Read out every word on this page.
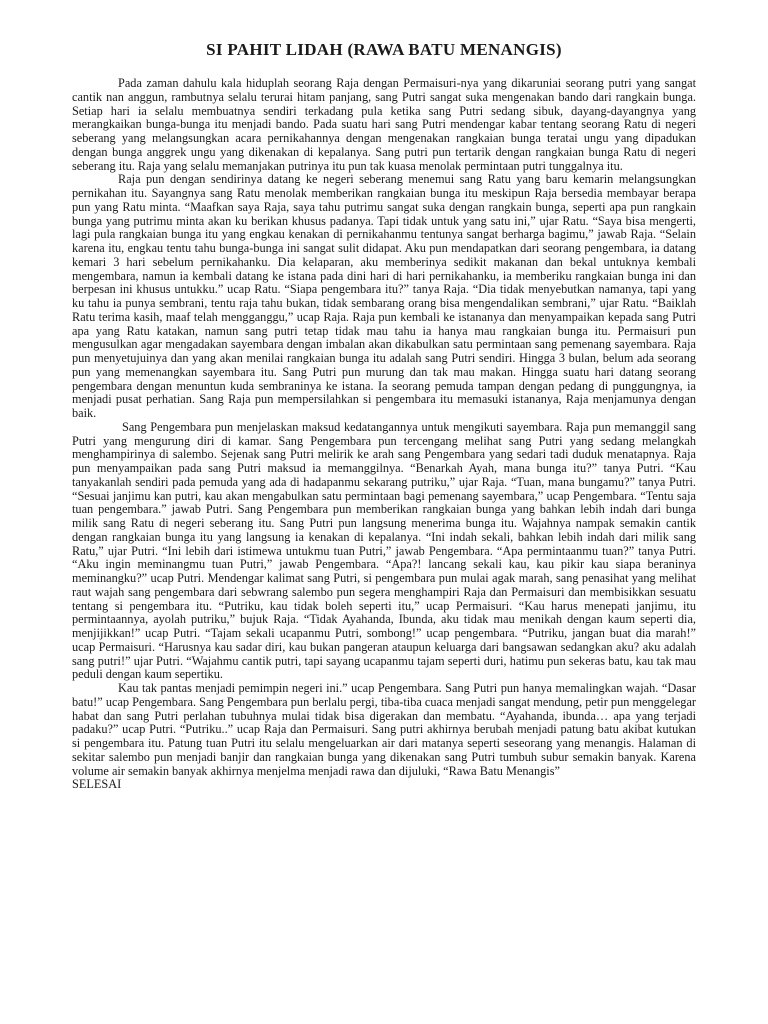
SI PAHIT LIDAH (RAWA BATU MENANGIS)

Pada zaman dahulu kala hiduplah seorang Raja dengan Permaisuri-nya yang dikaruniai seorang putri yang sangat cantik nan anggun, rambutnya selalu terurai hitam panjang, sang Putri sangat suka mengenakan bando dari rangkain bunga. Setiap hari ia selalu membuatnya sendiri terkadang pula ketika sang Putri sedang sibuk, dayang-dayangnya yang merangkaikan bunga-bunga itu menjadi bando. Pada suatu hari sang Putri mendengar kabar tentang seorang Ratu di negeri seberang yang melangsungkan acara pernikahannya dengan mengenakan rangkaian bunga teratai ungu yang dipadukan dengan bunga anggrek ungu yang dikenakan di kepalanya. Sang putri pun tertarik dengan rangkaian bunga Ratu di negeri seberang itu. Raja yang selalu memanjakan putrinya itu pun tak kuasa menolak permintaan putri tunggalnya itu.

Raja pun dengan sendirinya datang ke negeri seberang menemui sang Ratu yang baru kemarin melangsungkan pernikahan itu. Sayangnya sang Ratu menolak memberikan rangkaian bunga itu meskipun Raja bersedia membayar berapa pun yang Ratu minta. “Maafkan saya Raja, saya tahu putrimu sangat suka dengan rangkain bunga, seperti apa pun rangkain bunga yang putrimu minta akan ku berikan khusus padanya. Tapi tidak untuk yang satu ini,” ujar Ratu. “Saya bisa mengerti, lagi pula rangkaian bunga itu yang engkau kenakan di pernikahanmu tentunya sangat berharga bagimu,” jawab Raja. “Selain karena itu, engkau tentu tahu bunga-bunga ini sangat sulit didapat. Aku pun mendapatkan dari seorang pengembara, ia datang kemari 3 hari sebelum pernikahanku. Dia kelaparan, aku memberinya sedikit makanan dan bekal untuknya kembali mengembara, namun ia kembali datang ke istana pada dini hari di hari pernikahanku, ia memberiku rangkaian bunga ini dan berpesan ini khusus untukku.” ucap Ratu. “Siapa pengembara itu?” tanya Raja. “Dia tidak menyebutkan namanya, tapi yang ku tahu ia punya sembrani, tentu raja tahu bukan, tidak sembarang orang bisa mengendalikan sembrani,” ujar Ratu. “Baiklah Ratu terima kasih, maaf telah mengganggu,” ucap Raja. Raja pun kembali ke istananya dan menyampaikan kepada sang Putri apa yang Ratu katakan, namun sang putri tetap tidak mau tahu ia hanya mau rangkaian bunga itu. Permaisuri pun mengusulkan agar mengadakan sayembara dengan imbalan akan dikabulkan satu permintaan sang pemenang sayembara. Raja pun menyetujuinya dan yang akan menilai rangkaian bunga itu adalah sang Putri sendiri. Hingga 3 bulan, belum ada seorang pun yang memenangkan sayembara itu. Sang Putri pun murung dan tak mau makan. Hingga suatu hari datang seorang pengembara dengan menuntun kuda sembraninya ke istana. Ia seorang pemuda tampan dengan pedang di punggungnya, ia menjadi pusat perhatian. Sang Raja pun mempersilahkan si pengembara itu memasuki istananya, Raja menjamunya dengan baik.

Sang Pengembara pun menjelaskan maksud kedatangannya untuk mengikuti sayembara. Raja pun memanggil sang Putri yang mengurung diri di kamar. Sang Pengembara pun tercengang melihat sang Putri yang sedang melangkah menghampirinya di salembo. Sejenak sang Putri melirik ke arah sang Pengembara yang sedari tadi duduk menatapnya. Raja pun menyampaikan pada sang Putri maksud ia memanggilnya. “Benarkah Ayah, mana bunga itu?” tanya Putri. “Kau tanyakanlah sendiri pada pemuda yang ada di hadapanmu sekarang putriku,” ujar Raja. “Tuan, mana bungamu?” tanya Putri. “Sesuai janjimu kan putri, kau akan mengabulkan satu permintaan bagi pemenang sayembara,” ucap Pengembara. “Tentu saja tuan pengembara.” jawab Putri. Sang Pengembara pun memberikan rangkaian bunga yang bahkan lebih indah dari bunga milik sang Ratu di negeri seberang itu. Sang Putri pun langsung menerima bunga itu. Wajahnya nampak semakin cantik dengan rangkaian bunga itu yang langsung ia kenakan di kepalanya. “Ini indah sekali, bahkan lebih indah dari milik sang Ratu,” ujar Putri. “Ini lebih dari istimewa untukmu tuan Putri,” jawab Pengembara. “Apa permintaanmu tuan?” tanya Putri. “Aku ingin meminangmu tuan Putri,” jawab Pengembara. “Apa?! lancang sekali kau, kau pikir kau siapa beraninya meminangku?” ucap Putri. Mendengar kalimat sang Putri, si pengembara pun mulai agak marah, sang penasihat yang melihat raut wajah sang pengembara dari sebwrang salembo pun segera menghampiri Raja dan Permaisuri dan membisikkan sesuatu tentang si pengembara itu. “Putriku, kau tidak boleh seperti itu,” ucap Permaisuri. “Kau harus menepati janjimu, itu permintaannya, ayolah putriku,” bujuk Raja. “Tidak Ayahanda, Ibunda, aku tidak mau menikah dengan kaum seperti dia, menjijikkan!” ucap Putri. “Tajam sekali ucapanmu Putri, sombong!” ucap pengembara. “Putriku, jangan buat dia marah!” ucap Permaisuri. “Harusnya kau sadar diri, kau bukan pangeran ataupun keluarga dari bangsawan sedangkan aku? aku adalah sang putri!” ujar Putri. “Wajahmu cantik putri, tapi sayang ucapanmu tajam seperti duri, hatimu pun sekeras batu, kau tak mau peduli dengan kaum sepertiku.

Kau tak pantas menjadi pemimpin negeri ini.” ucap Pengembara. Sang Putri pun hanya memalingkan wajah. “Dasar batu!” ucap Pengembara. Sang Pengembara pun berlalu pergi, tiba-tiba cuaca menjadi sangat mendung, petir pun menggelegar habat dan sang Putri perlahan tubuhnya mulai tidak bisa digerakan dan membatu. “Ayahanda, ibunda… apa yang terjadi padaku?” ucap Putri. “Putriku..” ucap Raja dan Permaisuri. Sang putri akhirnya berubah menjadi patung batu akibat kutukan si pengembara itu. Patung tuan Putri itu selalu mengeluarkan air dari matanya seperti seseorang yang menangis. Halaman di sekitar salembo pun menjadi banjir dan rangkaian bunga yang dikenakan sang Putri tumbuh subur semakin banyak. Karena volume air semakin banyak akhirnya menjelma menjadi rawa dan dijuluki, “Rawa Batu Menangis”

SELESAI
